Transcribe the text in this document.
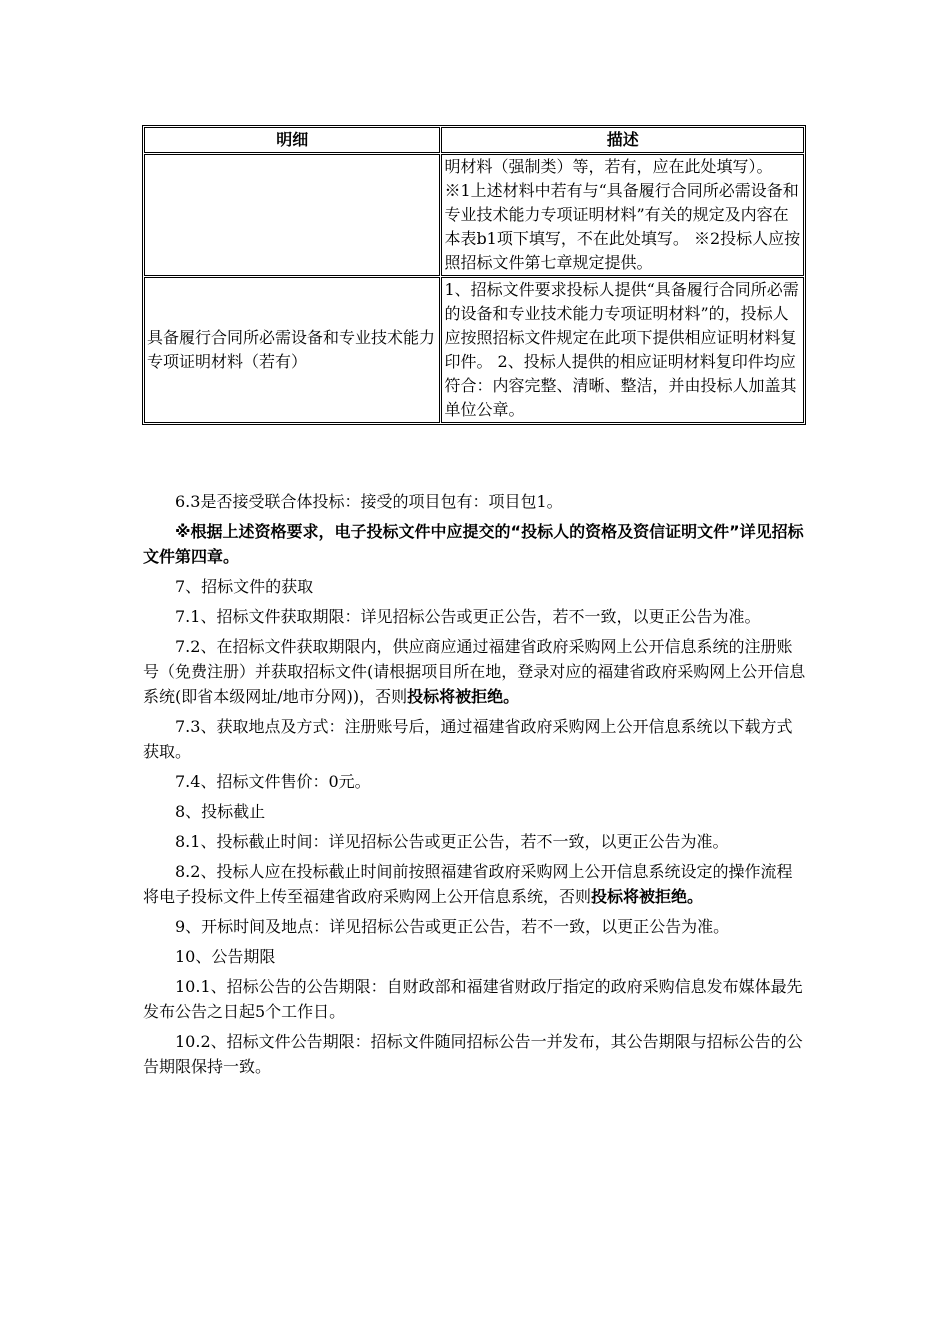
明细	描述
	明材料（强制类）等，若有，应在此处填写）。 ※1上述材料中若有与“具备履行合同所必需设备和专业技术能力专项证明材料”有关的规定及内容在本表b1项下填写，不在此处填写。 ※2投标人应按照招标文件第七章规定提供。
具备履行合同所必需设备和专业技术能力专项证明材料（若有）	1、招标文件要求投标人提供“具备履行合同所必需的设备和专业技术能力专项证明材料”的，投标人应按照招标文件规定在此项下提供相应证明材料复印件。 2、投标人提供的相应证明材料复印件均应符合：内容完整、清晰、整洁，并由投标人加盖其单位公章。

6.3是否接受联合体投标：接受的项目包有：项目包1。

※根据上述资格要求，电子投标文件中应提交的“投标人的资格及资信证明文件”详见招标文件第四章。

7、招标文件的获取

7.1、招标文件获取期限：详见招标公告或更正公告，若不一致，以更正公告为准。

7.2、在招标文件获取期限内，供应商应通过福建省政府采购网上公开信息系统的注册账号（免费注册）并获取招标文件(请根据项目所在地，登录对应的福建省政府采购网上公开信息系统(即省本级网址/地市分网))，否则投标将被拒绝。

7.3、获取地点及方式：注册账号后，通过福建省政府采购网上公开信息系统以下载方式获取。

7.4、招标文件售价：0元。

8、投标截止

8.1、投标截止时间：详见招标公告或更正公告，若不一致，以更正公告为准。

8.2、投标人应在投标截止时间前按照福建省政府采购网上公开信息系统设定的操作流程将电子投标文件上传至福建省政府采购网上公开信息系统，否则投标将被拒绝。

9、开标时间及地点：详见招标公告或更正公告，若不一致，以更正公告为准。

10、公告期限

10.1、招标公告的公告期限：自财政部和福建省财政厅指定的政府采购信息发布媒体最先发布公告之日起5个工作日。

10.2、招标文件公告期限：招标文件随同招标公告一并发布，其公告期限与招标公告的公告期限保持一致。
